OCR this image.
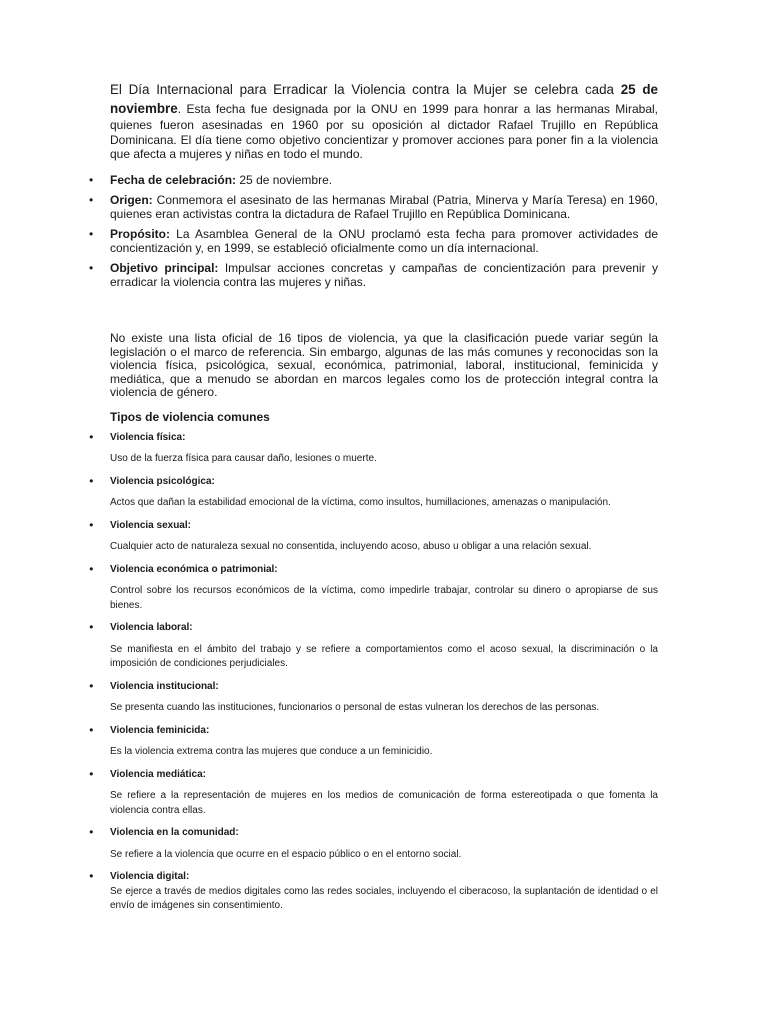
El Día Internacional para Erradicar la Violencia contra la Mujer se celebra cada 25 de noviembre. Esta fecha fue designada por la ONU en 1999 para honrar a las hermanas Mirabal, quienes fueron asesinadas en 1960 por su oposición al dictador Rafael Trujillo en República Dominicana. El día tiene como objetivo concientizar y promover acciones para poner fin a la violencia que afecta a mujeres y niñas en todo el mundo.

• Fecha de celebración: 25 de noviembre.
• Origen: Conmemora el asesinato de las hermanas Mirabal (Patria, Minerva y María Teresa) en 1960, quienes eran activistas contra la dictadura de Rafael Trujillo en República Dominicana.
• Propósito: La Asamblea General de la ONU proclamó esta fecha para promover actividades de concientización y, en 1999, se estableció oficialmente como un día internacional.
• Objetivo principal: Impulsar acciones concretas y campañas de concientización para prevenir y erradicar la violencia contra las mujeres y niñas.

No existe una lista oficial de 16 tipos de violencia, ya que la clasificación puede variar según la legislación o el marco de referencia. Sin embargo, algunas de las más comunes y reconocidas son la violencia física, psicológica, sexual, económica, patrimonial, laboral, institucional, feminicida y mediática, que a menudo se abordan en marcos legales como los de protección integral contra la violencia de género.

Tipos de violencia comunes

● Violencia física:
Uso de la fuerza física para causar daño, lesiones o muerte.
● Violencia psicológica:
Actos que dañan la estabilidad emocional de la víctima, como insultos, humillaciones, amenazas o manipulación.
● Violencia sexual:
Cualquier acto de naturaleza sexual no consentida, incluyendo acoso, abuso u obligar a una relación sexual.
● Violencia económica o patrimonial:
Control sobre los recursos económicos de la víctima, como impedirle trabajar, controlar su dinero o apropiarse de sus bienes.
● Violencia laboral:
Se manifiesta en el ámbito del trabajo y se refiere a comportamientos como el acoso sexual, la discriminación o la imposición de condiciones perjudiciales.
● Violencia institucional:
Se presenta cuando las instituciones, funcionarios o personal de estas vulneran los derechos de las personas.
● Violencia feminicida:
Es la violencia extrema contra las mujeres que conduce a un feminicidio.
● Violencia mediática:
Se refiere a la representación de mujeres en los medios de comunicación de forma estereotipada o que fomenta la violencia contra ellas.
● Violencia en la comunidad:
Se refiere a la violencia que ocurre en el espacio público o en el entorno social.
● Violencia digital:
Se ejerce a través de medios digitales como las redes sociales, incluyendo el ciberacoso, la suplantación de identidad o el envío de imágenes sin consentimiento.
